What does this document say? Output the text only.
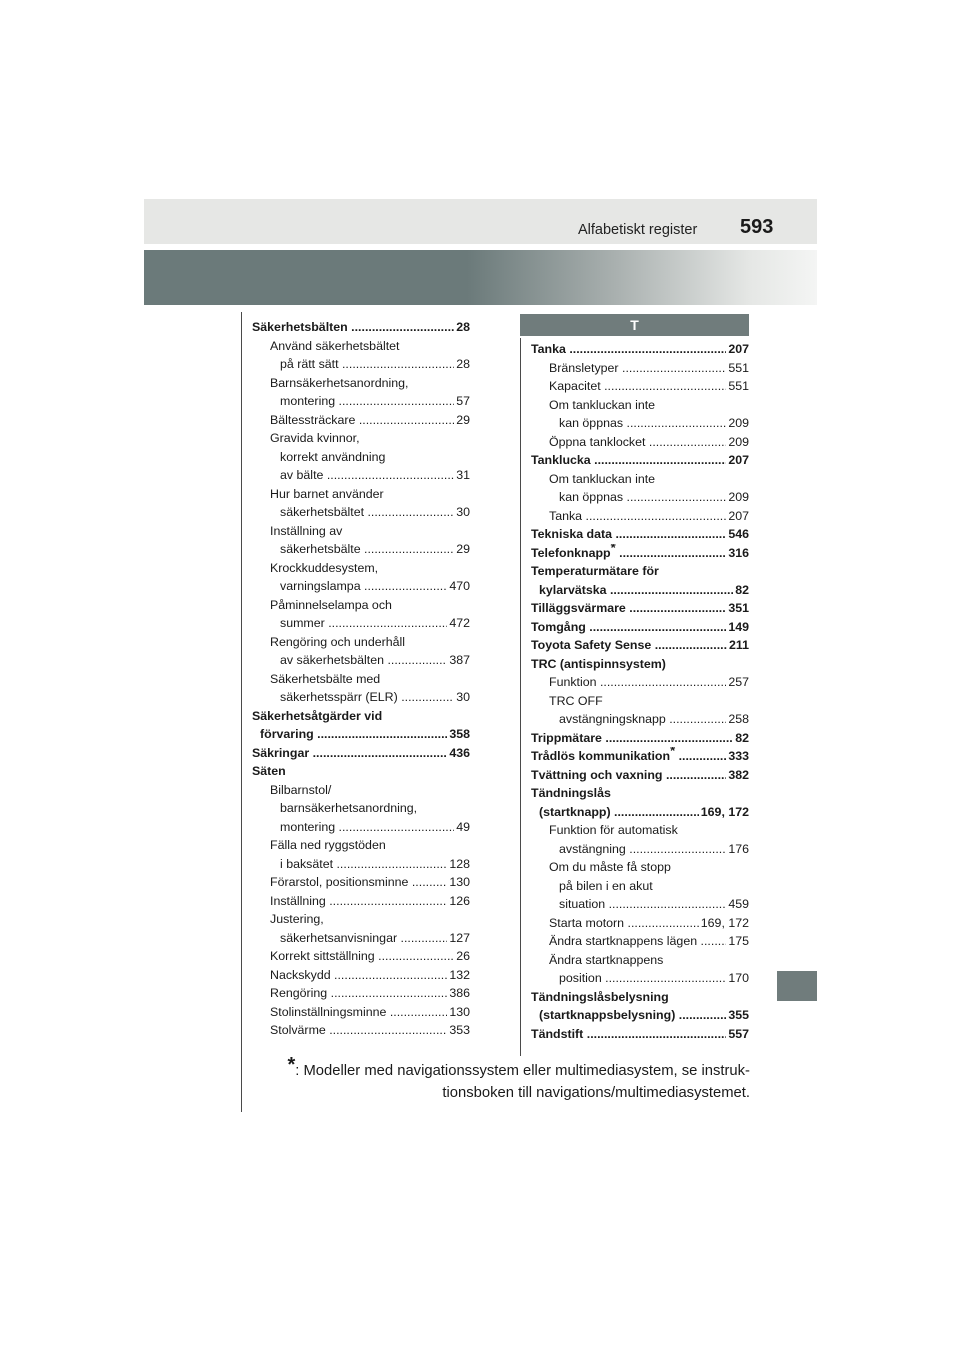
Alfabetiskt register 593
Säkerhetsbälten .....	28
Använd säkerhetsbältet
på rätt sätt .....	28
Barnsäkerhetsanordning,
montering .....	57
Bältessträckare .....	29
Gravida kvinnor,
korrekt användning
av bälte .....	31
Hur barnet använder
säkerhetsbältet .....	30
Inställning av
säkerhetsbälte .....	29
Krockkuddesystem,
varningslampa .....	470
Påminnelselampa och
summer .....	472
Rengöring och underhåll
av säkerhetsbälten .....	387
Säkerhetsbälte med
säkerhetsspärr (ELR) .....	30
Säkerhetsåtgärder vid
förvaring .....	358
Säkringar .....	436
Säten
Bilbarnstol/
barnsäkerhetsanordning,
montering .....	49
Fälla ned ryggstöden
i baksätet .....	128
Förarstol, positionsminne .....	130
Inställning .....	126
Justering,
säkerhetsanvisningar .....	127
Korrekt sittställning .....	26
Nackskydd .....	132
Rengöring .....	386
Stolinställningsminne .....	130
Stolvärme .....	353
T
Tanka .....	207
Bränsletyper .....	551
Kapacitet .....	551
Om tankluckan inte
kan öppnas .....	209
Öppna tanklocket .....	209
Tanklucka .....	207
Om tankluckan inte
kan öppnas .....	209
Tanka .....	207
Tekniska data .....	546
Telefonknapp* .....	316
Temperaturmätare för
kylarvätska .....	82
Tilläggsvärmare .....	351
Tomgång .....	149
Toyota Safety Sense .....	211
TRC (antispinnsystem)
Funktion .....	257
TRC OFF
avstängningsknapp .....	258
Trippmätare .....	82
Trådlös kommunikation* .....	333
Tvättning och vaxning .....	382
Tändningslås
(startknapp) .....	169, 172
Funktion för automatisk
avstängning .....	176
Om du måste få stopp
på bilen i en akut
situation .....	459
Starta motorn .....	169, 172
Ändra startknappens lägen .....	175
Ändra startknappens
position .....	170
Tändningslåsbelysning
(startknappsbelysning) .....	355
Tändstift .....	557
*: Modeller med navigationssystem eller multimediasystem, se instruk-
tionsboken till navigations/multimediasystemet.
